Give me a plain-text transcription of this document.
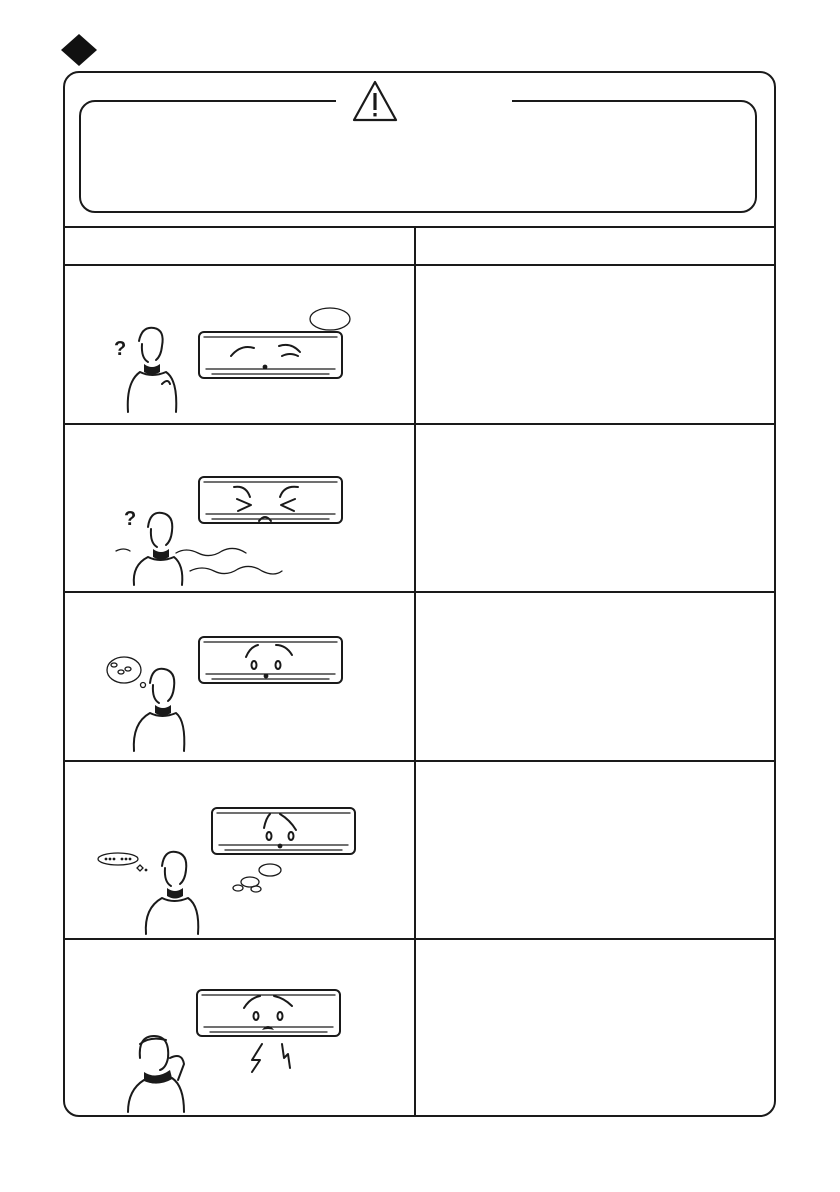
?
?
